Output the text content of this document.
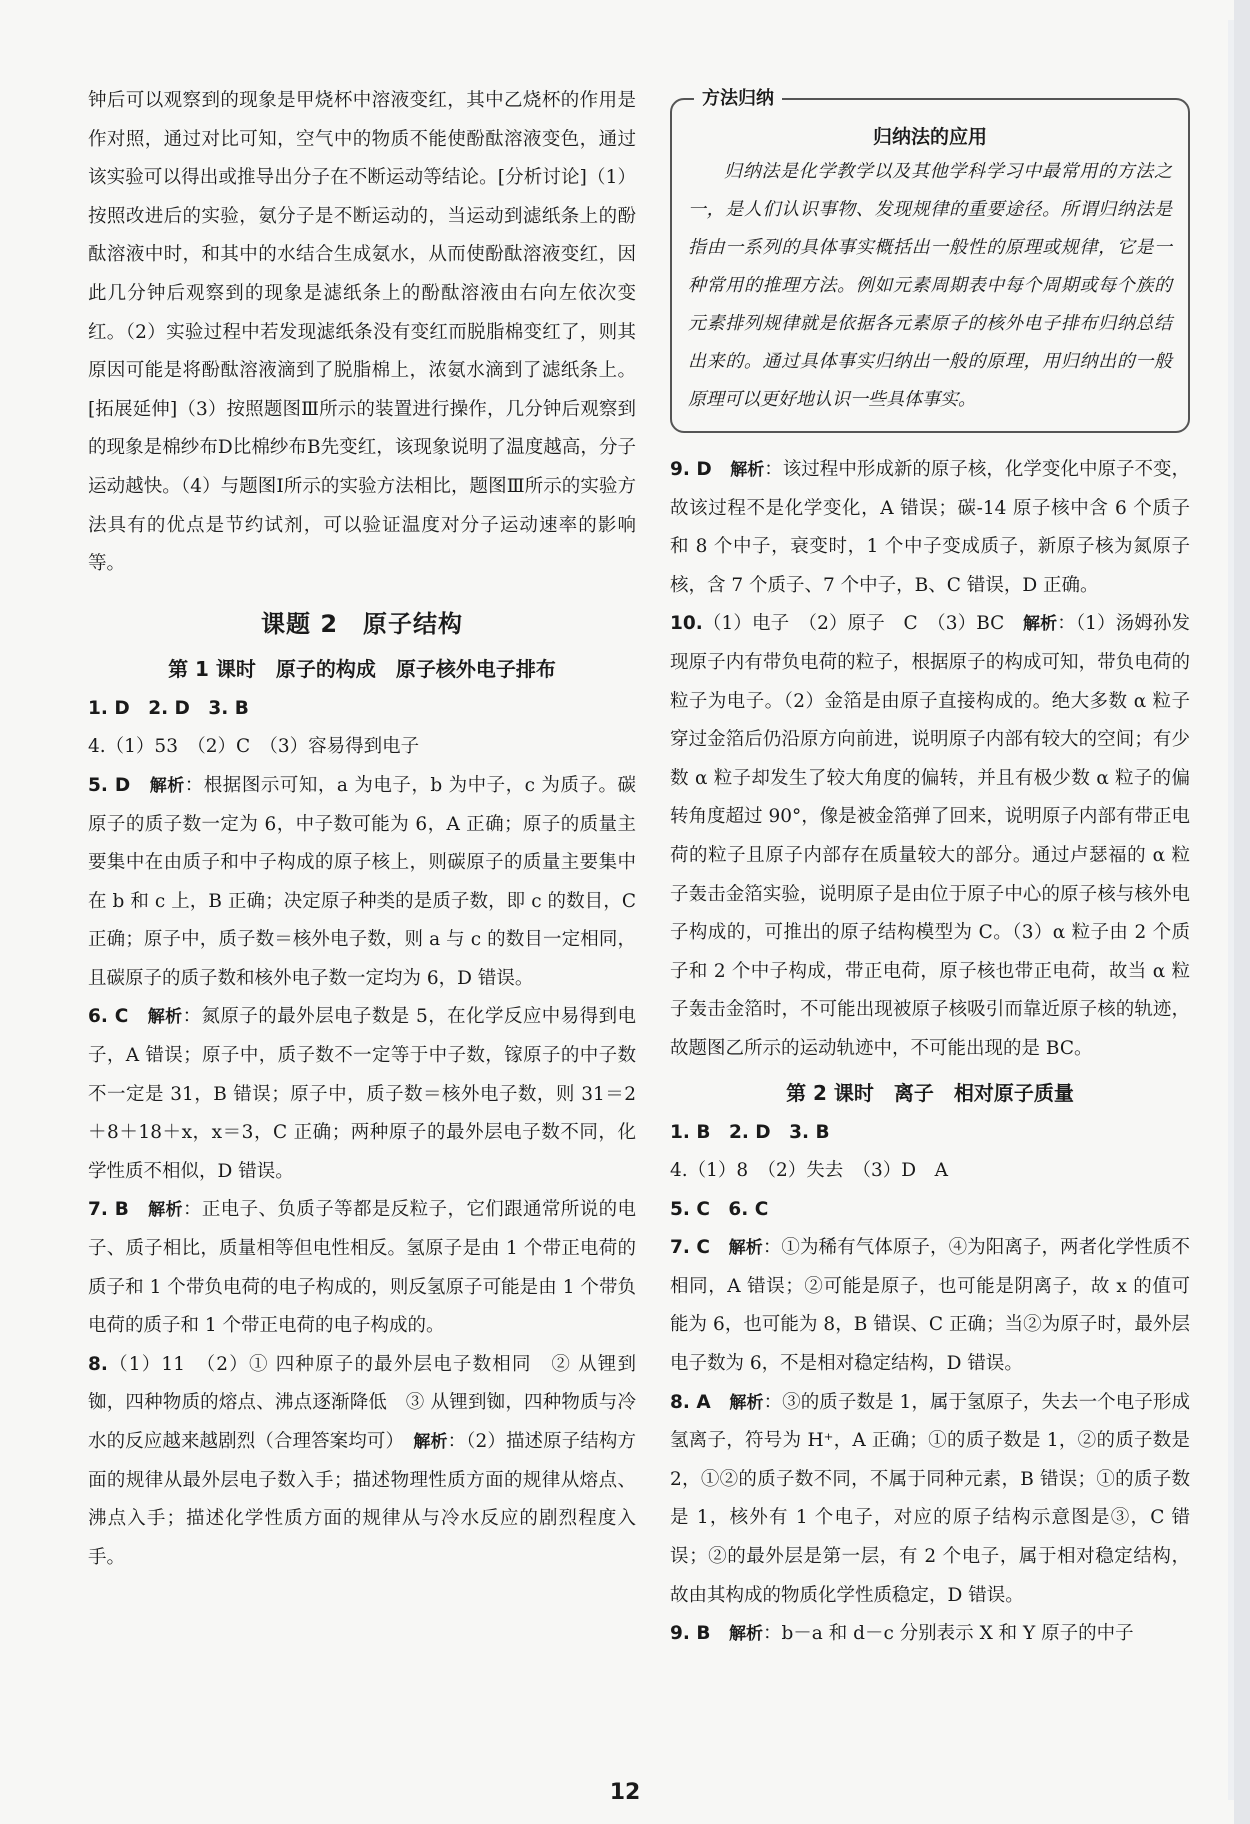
钟后可以观察到的现象是甲烧杯中溶液变红，其中乙烧杯的作用是作对照，通过对比可知，空气中的物质不能使酚酞溶液变色，通过该实验可以得出或推导出分子在不断运动等结论。[分析讨论]（1）按照改进后的实验，氨分子是不断运动的，当运动到滤纸条上的酚酞溶液中时，和其中的水结合生成氨水，从而使酚酞溶液变红，因此几分钟后观察到的现象是滤纸条上的酚酞溶液由右向左依次变红。（2）实验过程中若发现滤纸条没有变红而脱脂棉变红了，则其原因可能是将酚酞溶液滴到了脱脂棉上，浓氨水滴到了滤纸条上。[拓展延伸]（3）按照题图Ⅲ所示的装置进行操作，几分钟后观察到的现象是棉纱布D比棉纱布B先变红，该现象说明了温度越高，分子运动越快。（4）与题图Ⅰ所示的实验方法相比，题图Ⅲ所示的实验方法具有的优点是节约试剂，可以验证温度对分子运动速率的影响等。

课题 2　原子结构
第 1 课时　原子的构成　原子核外电子排布

1. D　2. D　3. B

4.（1）53　（2）C　（3）容易得到电子

5. D　 解析：根据图示可知，a 为电子，b 为中子，c 为质子。碳原子的质子数一定为 6，中子数可能为 6，A 正确；原子的质量主要集中在由质子和中子构成的原子核上，则碳原子的质量主要集中在 b 和 c 上，B 正确；决定原子种类的是质子数，即 c 的数目，C 正确；原子中，质子数＝核外电子数，则 a 与 c 的数目一定相同，且碳原子的质子数和核外电子数一定均为 6，D 错误。

6. C　 解析：氮原子的最外层电子数是 5，在化学反应中易得到电子，A 错误；原子中，质子数不一定等于中子数，镓原子的中子数不一定是 31，B 错误；原子中，质子数＝核外电子数，则 31＝2＋8＋18＋x，x＝3，C 正确；两种原子的最外层电子数不同，化学性质不相似，D 错误。

7. B　 解析：正电子、负质子等都是反粒子，它们跟通常所说的电子、质子相比，质量相等但电性相反。氢原子是由 1 个带正电荷的质子和 1 个带负电荷的电子构成的，则反氢原子可能是由 1 个带负电荷的质子和 1 个带正电荷的电子构成的。

8.（1）11　（2）① 四种原子的最外层电子数相同　② 从锂到铷，四种物质的熔点、沸点逐渐降低　③ 从锂到铷，四种物质与冷水的反应越来越剧烈（合理答案均可）　解析：（2）描述原子结构方面的规律从最外层电子数入手；描述物理性质方面的规律从熔点、沸点入手；描述化学性质方面的规律从与冷水反应的剧烈程度入手。

方法归纳
归纳法的应用

归纳法是化学教学以及其他学科学习中最常用的方法之一，是人们认识事物、发现规律的重要途径。所谓归纳法是指由一系列的具体事实概括出一般性的原理或规律，它是一种常用的推理方法。例如元素周期表中每个周期或每个族的元素排列规律就是依据各元素原子的核外电子排布归纳总结出来的。通过具体事实归纳出一般的原理，用归纳出的一般原理可以更好地认识一些具体事实。

9. D　 解析：该过程中形成新的原子核，化学变化中原子不变，故该过程不是化学变化，A 错误；碳-14 原子核中含 6 个质子和 8 个中子，衰变时，1 个中子变成质子，新原子核为氮原子核，含 7 个质子、7 个中子，B、C 错误，D 正确。

10.（1）电子　（2）原子　C　（3）BC　解析：（1）汤姆孙发现原子内有带负电荷的粒子，根据原子的构成可知，带负电荷的粒子为电子。（2）金箔是由原子直接构成的。绝大多数 α 粒子穿过金箔后仍沿原方向前进，说明原子内部有较大的空间；有少数 α 粒子却发生了较大角度的偏转，并且有极少数 α 粒子的偏转角度超过 90°，像是被金箔弹了回来，说明原子内部有带正电荷的粒子且原子内部存在质量较大的部分。通过卢瑟福的 α 粒子轰击金箔实验，说明原子是由位于原子中心的原子核与核外电子构成的，可推出的原子结构模型为 C。（3）α 粒子由 2 个质子和 2 个中子构成，带正电荷，原子核也带正电荷，故当 α 粒子轰击金箔时，不可能出现被原子核吸引而靠近原子核的轨迹，故题图乙所示的运动轨迹中，不可能出现的是 BC。

第 2 课时　离子　相对原子质量

1. B　2. D　3. B

4.（1）8　（2）失去　（3）D　A

5. C　6. C

7. C　 解析：①为稀有气体原子，④为阳离子，两者化学性质不相同，A 错误；②可能是原子，也可能是阴离子，故 x 的值可能为 6，也可能为 8，B 错误、C 正确；当②为原子时，最外层电子数为 6，不是相对稳定结构，D 错误。

8. A　 解析：③的质子数是 1，属于氢原子，失去一个电子形成氢离子，符号为 H⁺，A 正确；①的质子数是 1，②的质子数是 2，①②的质子数不同，不属于同种元素，B 错误；①的质子数是 1，核外有 1 个电子，对应的原子结构示意图是③，C 错误；②的最外层是第一层，有 2 个电子，属于相对稳定结构，故由其构成的物质化学性质稳定，D 错误。

9. B　 解析：b－a 和 d－c 分别表示 X 和 Y 原子的中子

12
